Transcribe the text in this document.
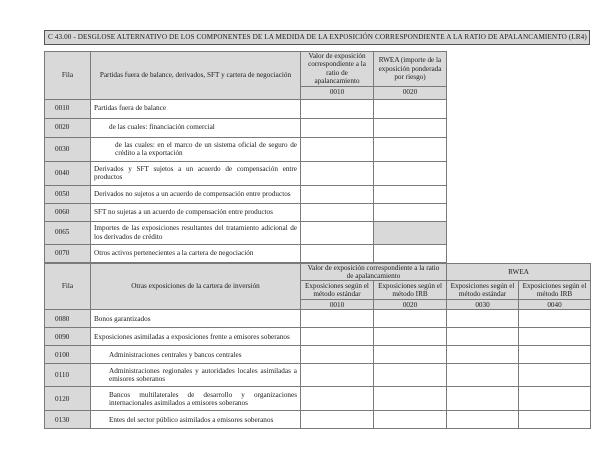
C 43.00 - DESGLOSE ALTERNATIVO DE LOS COMPONENTES DE LA MEDIDA DE LA EXPOSICIÓN CORRESPONDIENTE A LA RATIO DE APALANCAMIENTO (LR4)
Fila	Partidas fuera de balance, derivados, SFT y cartera de negociación	Valor de exposición correspondiente a la ratio de apalancamiento	RWEA (importe de la exposición ponderada por riesgo)
		0010	0020
0010	Partidas fuera de balance		
0020	de las cuales: financiación comercial		
0030	de las cuales: en el marco de un sistema oficial de seguro de crédito a la exportación		
0040	Derivados y SFT sujetos a un acuerdo de compensación entre productos		
0050	Derivados no sujetos a un acuerdo de compensación entre productos		
0060	SFT no sujetas a un acuerdo de compensación entre productos		
0065	Importes de las exposiciones resultantes del tratamiento adicional de los derivados de crédito		
0070	Otros activos pertenecientes a la cartera de negociación		
Fila	Otras exposiciones de la cartera de inversión	Valor de exposición correspondiente a la ratio de apalancamiento		RWEA	
		Exposiciones según el método estándar	Exposiciones según el método IRB	Exposiciones según el método estándar	Exposiciones según el método IRB
		0010	0020	0030	0040
0080	Bonos garantizados				
0090	Exposiciones asimiladas a exposiciones frente a emisores soberanos				
0100	Administraciones centrales y bancos centrales				
0110	Administraciones regionales y autoridades locales asimiladas a emisores soberanos				
0120	Bancos multilaterales de desarrollo y organizaciones internacionales asimilados a emisores soberanos				
0130	Entes del sector público asimilados a emisores soberanos				
